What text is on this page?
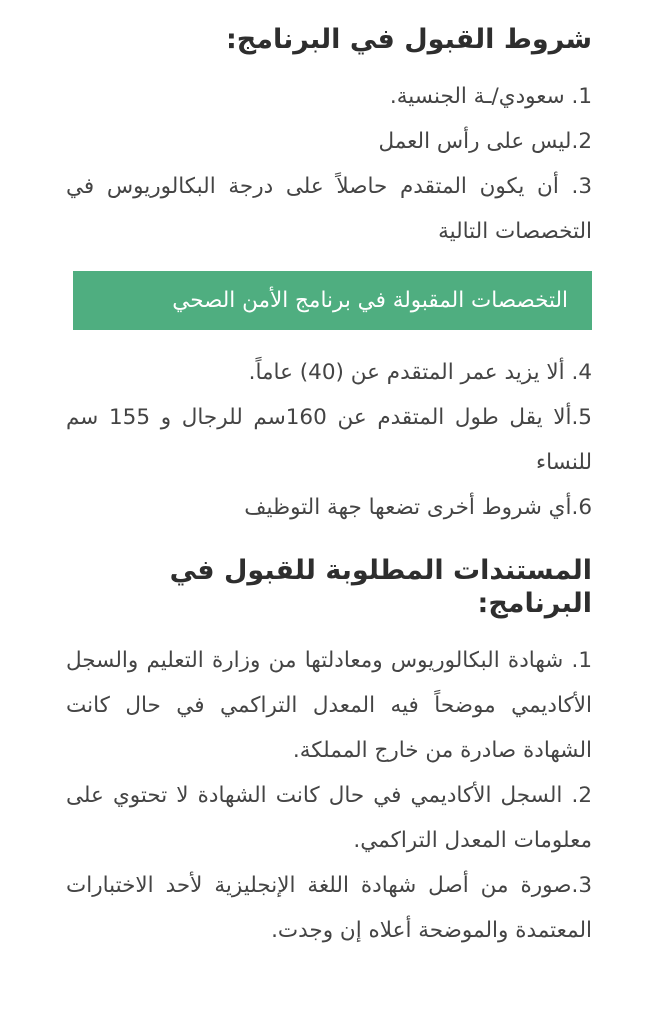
شروط القبول في البرنامج:

1. سعودي/ـة الجنسية.

2.ليس على رأس العمل

3. أن يكون المتقدم حاصلاً على درجة البكالوريوس في التخصصات التالية

التخصصات المقبولة في برنامج الأمن الصحي

4. ألا يزيد عمر المتقدم عن (40) عاماً.

5.ألا يقل طول المتقدم عن 160سم للرجال و 155 سم للنساء

6.أي شروط أخرى تضعها جهة التوظيف

المستندات المطلوبة للقبول في البرنامج:

1. شهادة البكالوريوس ومعادلتها من وزارة التعليم والسجل الأكاديمي موضحاً فيه المعدل التراكمي في حال كانت الشهادة صادرة من خارج المملكة.

2. السجل الأكاديمي في حال كانت الشهادة لا تحتوي على معلومات المعدل التراكمي.

3.صورة من أصل شهادة اللغة الإنجليزية لأحد الاختبارات المعتمدة والموضحة أعلاه إن وجدت.
